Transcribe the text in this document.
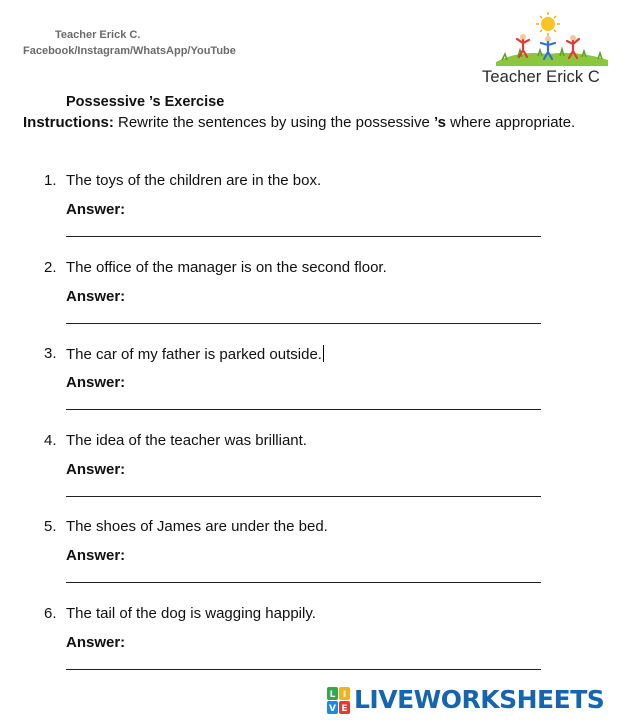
Teacher Erick C.
Facebook/Instagram/WhatsApp/YouTube
Teacher Erick C
Possessive ’s Exercise
Instructions: Rewrite the sentences by using the possessive ’s where appropriate.
1. The toys of the children are in the box.
Answer:
2. The office of the manager is on the second floor.
Answer:
3. The car of my father is parked outside.
Answer:
4. The idea of the teacher was brilliant.
Answer:
5. The shoes of James are under the bed.
Answer:
6. The tail of the dog is wagging happily.
Answer:
L I
V E LIVEWORKSHEETS
